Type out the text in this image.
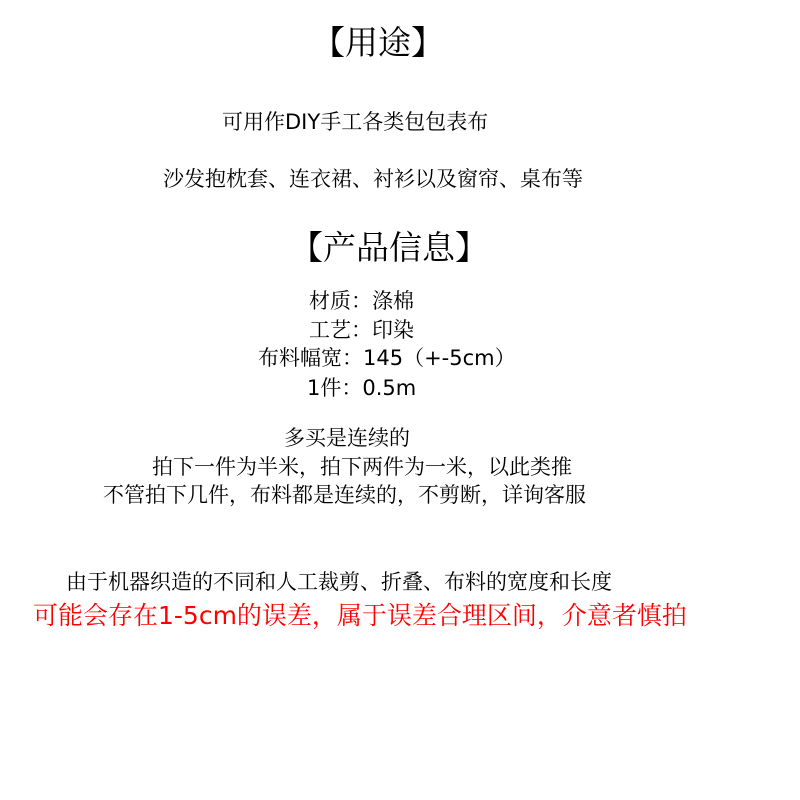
【用途】
可用作DIY手工各类包包表布
沙发抱枕套、连衣裙、衬衫以及窗帘、桌布等
【产品信息】
材质：涤棉
工艺：印染
布料幅宽：145（+-5cm）
1件：0.5m
多买是连续的
拍下一件为半米，拍下两件为一米，以此类推
不管拍下几件，布料都是连续的，不剪断，详询客服
由于机器织造的不同和人工裁剪、折叠、布料的宽度和长度
可能会存在1-5cm的误差，属于误差合理区间，介意者慎拍
